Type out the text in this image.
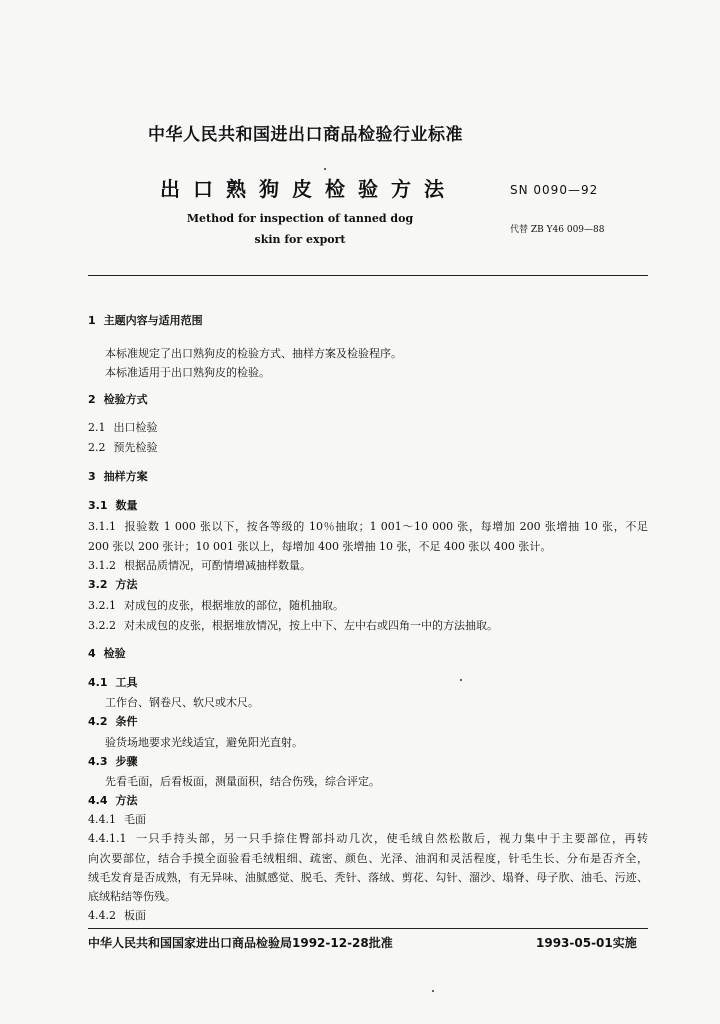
中华人民共和国进出口商品检验行业标准
出口熟狗皮检验方法	SN 0090—92
Method for inspection of tanned dog
skin for export
代替 ZB Y46 009—88
1 主题内容与适用范围
本标准规定了出口熟狗皮的检验方式、抽样方案及检验程序。
本标准适用于出口熟狗皮的检验。
2 检验方式
2.1 出口检验
2.2 预先检验
3 抽样方案
3.1 数量
3.1.1 报验数 1 000 张以下，按各等级的 10％抽取；1 001～10 000 张，每增加 200 张增抽 10 张，不足
200 张以 200 张计；10 001 张以上，每增加 400 张增抽 10 张，不足 400 张以 400 张计。
3.1.2 根据品质情况，可酌情增减抽样数量。
3.2 方法
3.2.1 对成包的皮张，根据堆放的部位，随机抽取。
3.2.2 对未成包的皮张，根据堆放情况，按上中下、左中右或四角一中的方法抽取。
4 检验
4.1 工具
工作台、钢卷尺、软尺或木尺。
4.2 条件
验货场地要求光线适宜，避免阳光直射。
4.3 步骤
先看毛面，后看板面，测量面积，结合伤残，综合评定。
4.4 方法
4.4.1 毛面
4.4.1.1 一只手持头部，另一只手捺住臀部抖动几次，使毛绒自然松散后，视力集中于主要部位，再转
向次要部位，结合手摸全面验看毛绒粗细、疏密、颜色、光泽、油润和灵活程度，针毛生长、分布是否齐全，
绒毛发育是否成熟，有无异味、油腻感觉、脱毛、秃针、落绒、剪花、勾针、溜沙、塌脊、母子肷、油毛、污迹、
底绒粘结等伤残。
4.4.2 板面
中华人民共和国国家进出口商品检验局1992-12-28批准	1993-05-01实施
